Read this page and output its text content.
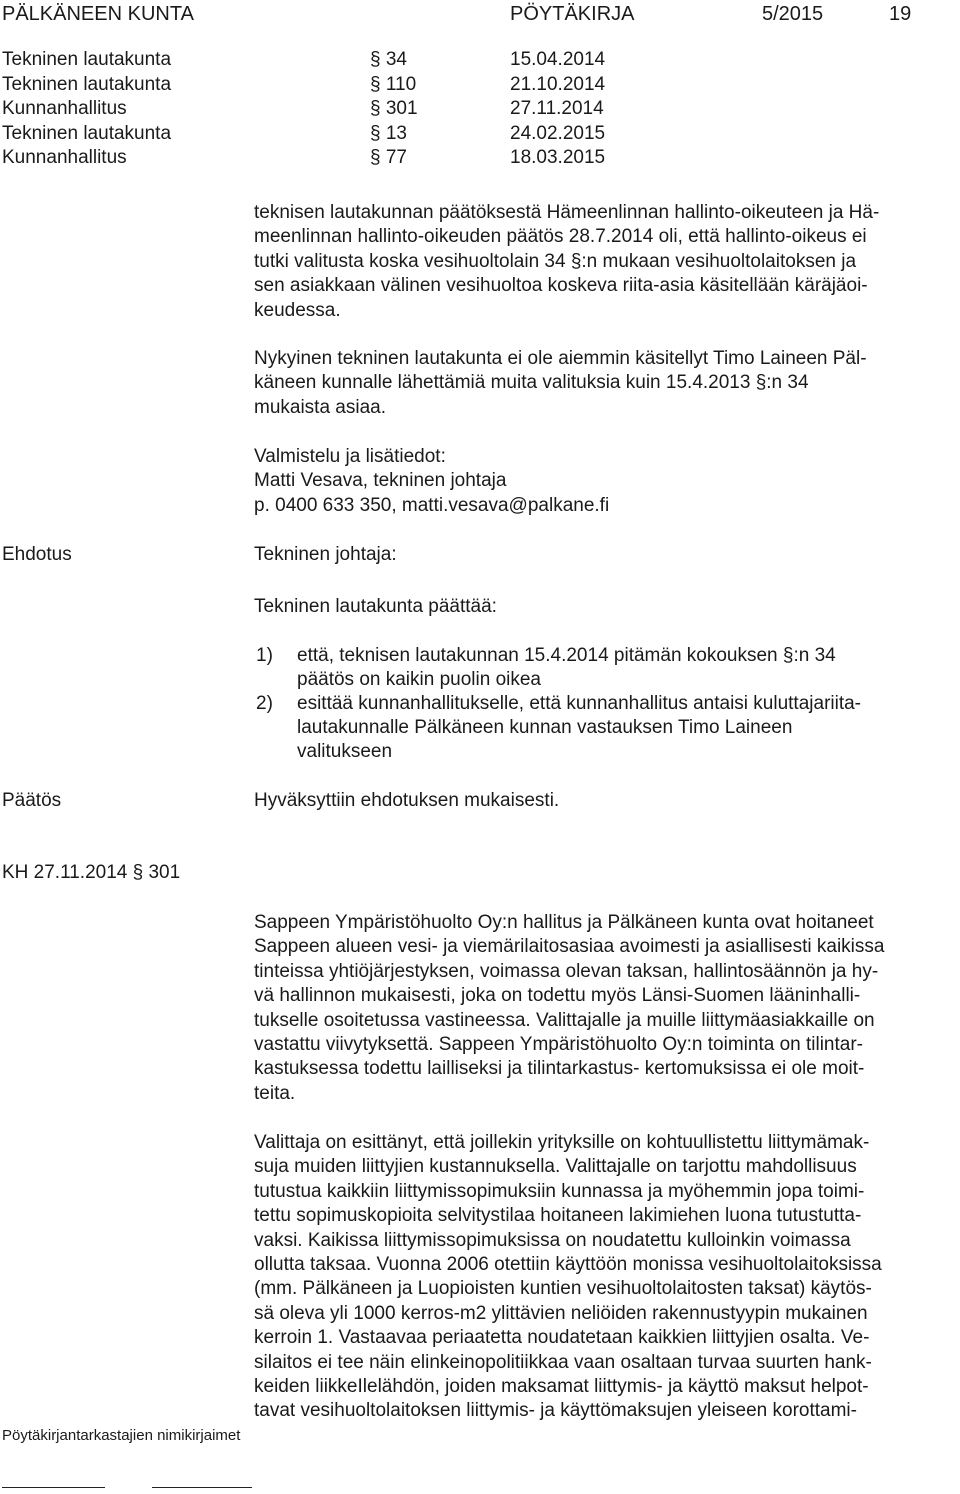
PÄLKÄNEEN KUNTA	PÖYTÄKIRJA	5/2015	19
Tekninen lautakunta	§ 34	15.04.2014
Tekninen lautakunta	§ 110	21.10.2014
Kunnanhallitus	§ 301	27.11.2014
Tekninen lautakunta	§ 13	24.02.2015
Kunnanhallitus	§ 77	18.03.2015
teknisen lautakunnan päätöksestä Hämeenlinnan hallinto-oikeuteen ja Hä-
meenlinnan hallinto-oikeuden päätös 28.7.2014 oli, että hallinto-oikeus ei
tutki valitusta koska vesihuoltolain 34 §:n mukaan vesihuoltolaitoksen ja
sen asiakkaan välinen vesihuoltoa koskeva riita-asia käsitellään käräjäoi-
keudessa.
Nykyinen tekninen lautakunta ei ole aiemmin käsitellyt Timo Laineen Päl-
käneen kunnalle lähettämiä muita valituksia kuin 15.4.2013 §:n 34
mukaista asiaa.
Valmistelu ja lisätiedot:
Matti Vesava, tekninen johtaja
p. 0400 633 350, matti.vesava@palkane.fi
Ehdotus	Tekninen johtaja:
Tekninen lautakunta päättää:
1) että, teknisen lautakunnan 15.4.2014 pitämän kokouksen §:n 34
päätös on kaikin puolin oikea
2) esittää kunnanhallitukselle, että kunnanhallitus antaisi kuluttajariita-
lautakunnalle Pälkäneen kunnan vastauksen Timo Laineen
valitukseen
Päätös	Hyväksyttiin ehdotuksen mukaisesti.
KH 27.11.2014 § 301
Sappeen Ympäristöhuolto Oy:n hallitus ja Pälkäneen kunta ovat hoitaneet
Sappeen alueen vesi- ja viemärilaitosasiaa avoimesti ja asiallisesti kaikissa
tinteissa yhtiöjärjestyksen, voimassa olevan taksan, hallintosäännön ja hy-
vä hallinnon mukaisesti, joka on todettu myös Länsi-Suomen lääninhalli-
tukselle osoitetussa vastineessa. Valittajalle ja muille liittymäasiakkaille on
vastattu viivytyksettä. Sappeen Ympäristöhuolto Oy:n toiminta on tilintar-
kastuksessa todettu lailliseksi ja tilintarkastus- kertomuksissa ei ole moit-
teita.
Valittaja on esittänyt, että joillekin yrityksille on kohtuullistettu liittymämak-
suja muiden liittyjien kustannuksella. Valittajalle on tarjottu mahdollisuus
tutustua kaikkiin liittymissopimuksiin kunnassa ja myöhemmin jopa toimi-
tettu sopimuskopioita selvitystilaa hoitaneen lakimiehen luona tutustutta-
vaksi. Kaikissa liittymissopimuksissa on noudatettu kulloinkin voimassa
ollutta taksaa. Vuonna 2006 otettiin käyttöön monissa vesihuoltolaitoksissa
(mm. Pälkäneen ja Luopioisten kuntien vesihuoltolaitosten taksat) käytös-
sä oleva yli 1000 kerros-m2 ylittävien neliöiden rakennustyypin mukainen
kerroin 1. Vastaavaa periaatetta noudatetaan kaikkien liittyjien osalta. Ve-
silaitos ei tee näin elinkeinopolitiikkaa vaan osaltaan turvaa suurten hank-
keiden liikkeIlelähdön, joiden maksamat liittymis- ja käyttö maksut helpot-
tavat vesihuoltolaitoksen liittymis- ja käyttömaksujen yleiseen korottami-
Pöytäkirjantarkastajien nimikirjaimet
